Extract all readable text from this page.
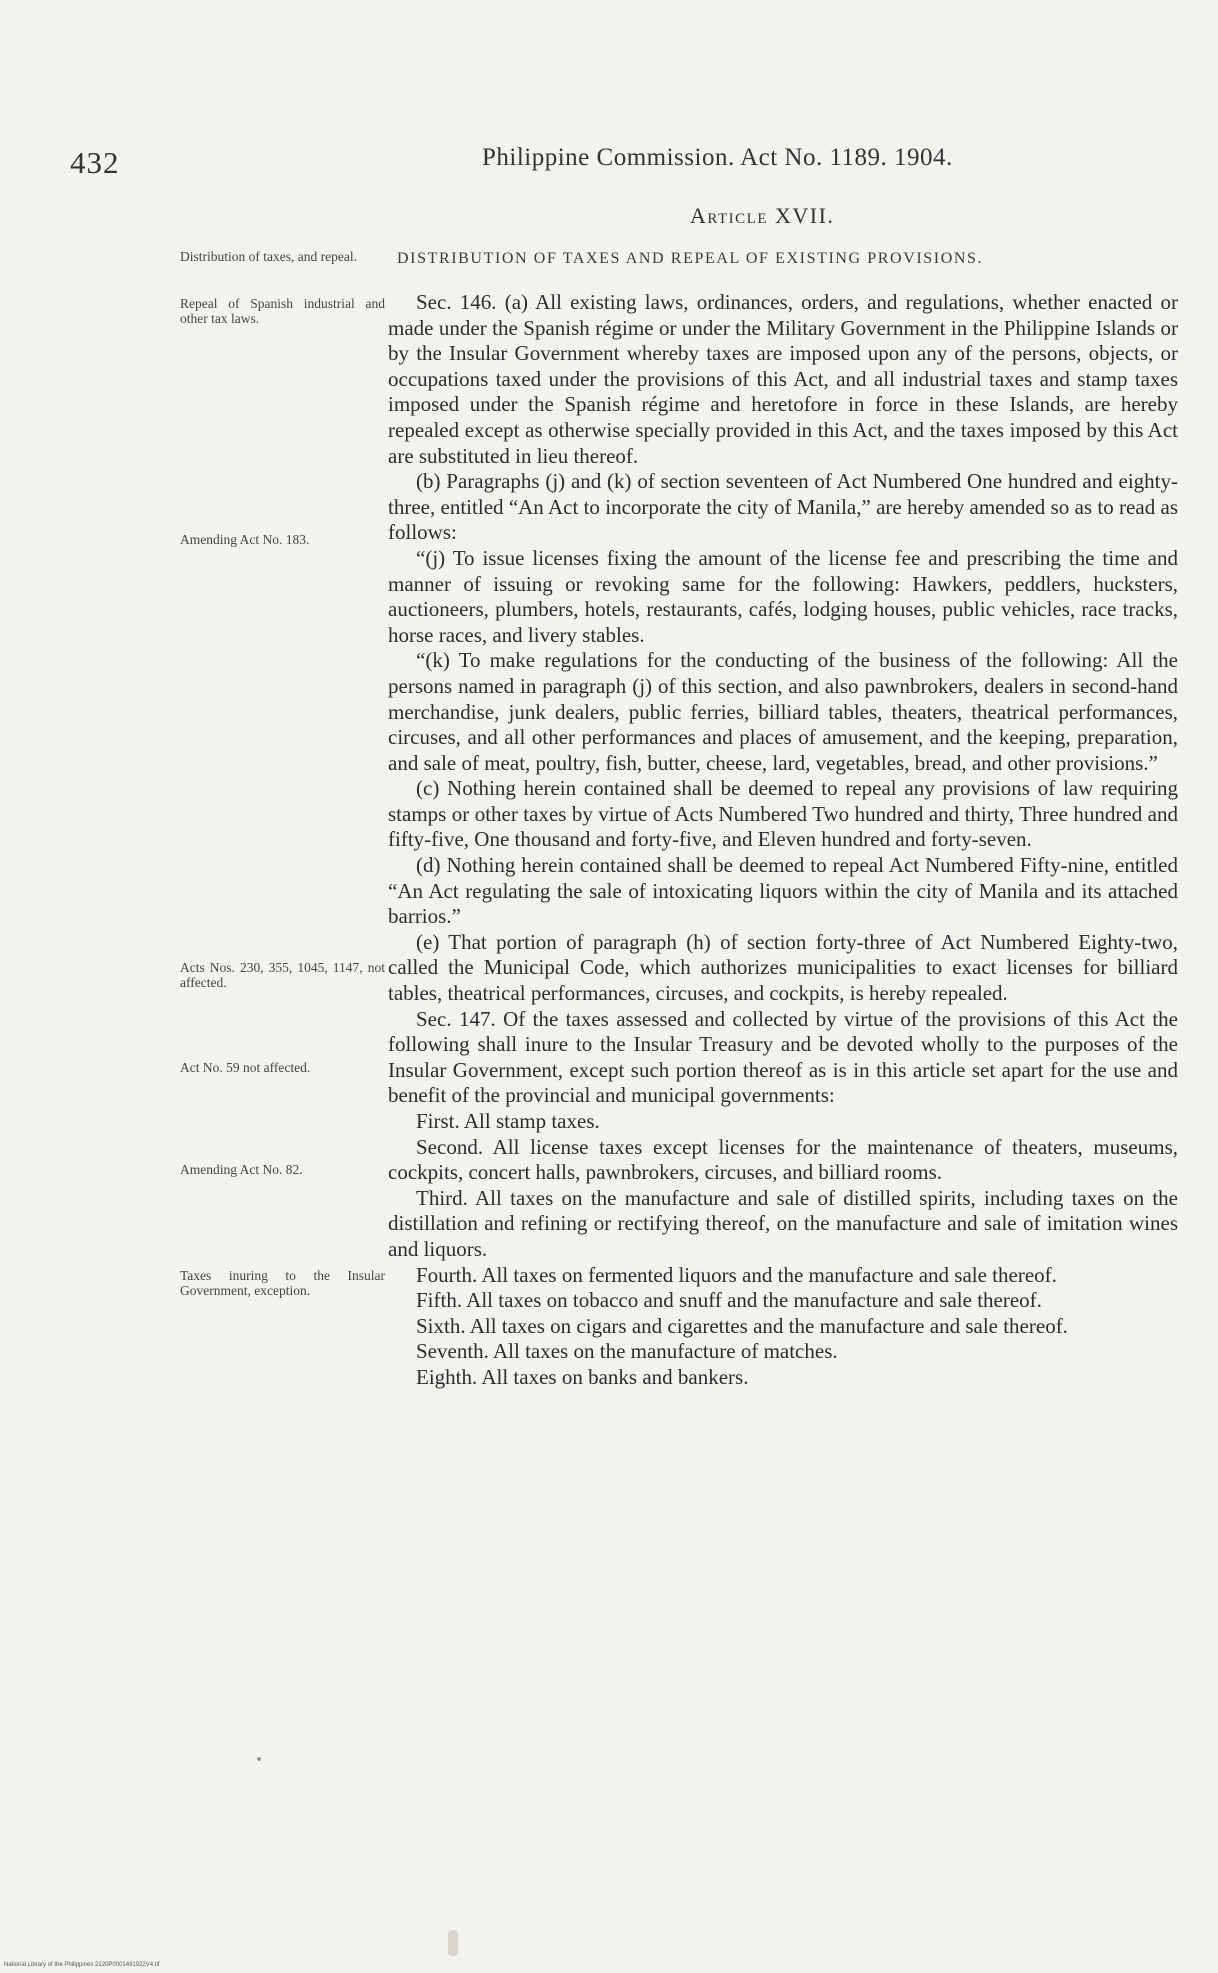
432	Philippine Commission. Act No. 1189. 1904.
Article XVII.
DISTRIBUTION OF TAXES AND REPEAL OF EXISTING PROVISIONS.
Distribution of taxes, and repeal.
Repeal of Spanish industrial and other tax laws.
Amending Act No. 183.
Acts Nos. 230, 355, 1045, 1147, not affected.
Act No. 59 not affected.
Amending Act No. 82.
Taxes inuring to the Insular Government, exception.

Sec. 146. (a) All existing laws, ordinances, orders, and regulations, whether enacted or made under the Spanish régime or under the Military Government in the Philippine Islands or by the Insular Government whereby taxes are imposed upon any of the persons, objects, or occupations taxed under the provisions of this Act, and all industrial taxes and stamp taxes imposed under the Spanish régime and heretofore in force in these Islands, are hereby repealed except as otherwise specially provided in this Act, and the taxes imposed by this Act are substituted in lieu thereof.

(b) Paragraphs (j) and (k) of section seventeen of Act Numbered One hundred and eighty-three, entitled “An Act to incorporate the city of Manila,” are hereby amended so as to read as follows:

“(j) To issue licenses fixing the amount of the license fee and prescribing the time and manner of issuing or revoking same for the following: Hawkers, peddlers, hucksters, auctioneers, plumbers, hotels, restaurants, cafés, lodging houses, public vehicles, race tracks, horse races, and livery stables.

“(k) To make regulations for the conducting of the business of the following: All the persons named in paragraph (j) of this section, and also pawnbrokers, dealers in second-hand merchandise, junk dealers, public ferries, billiard tables, theaters, theatrical performances, circuses, and all other performances and places of amusement, and the keeping, preparation, and sale of meat, poultry, fish, butter, cheese, lard, vegetables, bread, and other provisions.”

(c) Nothing herein contained shall be deemed to repeal any provisions of law requiring stamps or other taxes by virtue of Acts Numbered Two hundred and thirty, Three hundred and fifty-five, One thousand and forty-five, and Eleven hundred and forty-seven.

(d) Nothing herein contained shall be deemed to repeal Act Numbered Fifty-nine, entitled “An Act regulating the sale of intoxicating liquors within the city of Manila and its attached barrios.”

(e) That portion of paragraph (h) of section forty-three of Act Numbered Eighty-two, called the Municipal Code, which authorizes municipalities to exact licenses for billiard tables, theatrical performances, circuses, and cockpits, is hereby repealed.

Sec. 147. Of the taxes assessed and collected by virtue of the provisions of this Act the following shall inure to the Insular Treasury and be devoted wholly to the purposes of the Insular Government, except such portion thereof as is in this article set apart for the use and benefit of the provincial and municipal governments:

First. All stamp taxes.

Second. All license taxes except licenses for the maintenance of theaters, museums, cockpits, concert halls, pawnbrokers, circuses, and billiard rooms.

Third. All taxes on the manufacture and sale of distilled spirits, including taxes on the distillation and refining or rectifying thereof, on the manufacture and sale of imitation wines and liquors.

Fourth. All taxes on fermented liquors and the manufacture and sale thereof.

Fifth. All taxes on tobacco and snuff and the manufacture and sale thereof.

Sixth. All taxes on cigars and cigarettes and the manufacture and sale thereof.

Seventh. All taxes on the manufacture of matches.

Eighth. All taxes on banks and bankers.

National Library of the Philippines 2120P0001491922V4.tif
